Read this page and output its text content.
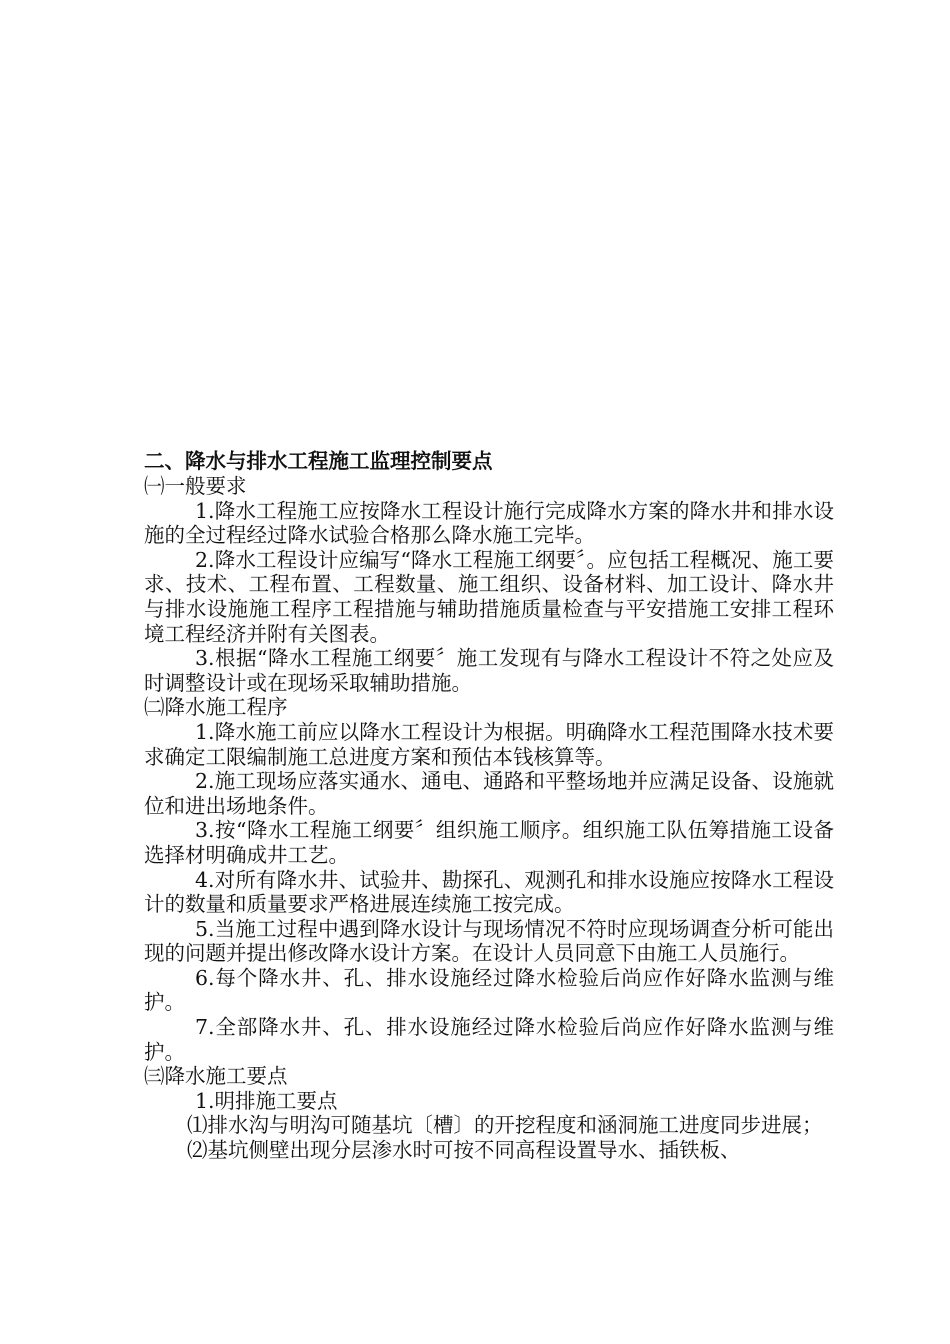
二、降水与排水工程施工监理控制要点

㈠一般要求

1.降水工程施工应按降水工程设计施行完成降水方案的降水井和排水设施的全过程经过降水试验合格那么降水施工完毕。

2.降水工程设计应编写“降水工程施工纲要〞。应包括工程概况、施工要求、技术、工程布置、工程数量、施工组织、设备材料、加工设计、降水井与排水设施施工程序工程措施与辅助措施质量检查与平安措施工安排工程环境工程经济并附有关图表。

3.根据“降水工程施工纲要〞施工发现有与降水工程设计不符之处应及时调整设计或在现场采取辅助措施。

㈡降水施工程序

1.降水施工前应以降水工程设计为根据。明确降水工程范围降水技术要求确定工限编制施工总进度方案和预估本钱核算等。

2.施工现场应落实通水、通电、通路和平整场地并应满足设备、设施就位和进出场地条件。

3.按“降水工程施工纲要〞组织施工顺序。组织施工队伍筹措施工设备选择材明确成井工艺。

4.对所有降水井、试验井、勘探孔、观测孔和排水设施应按降水工程设计的数量和质量要求严格进展连续施工按完成。

5.当施工过程中遇到降水设计与现场情况不符时应现场调查分析可能出现的问题并提出修改降水设计方案。在设计人员同意下由施工人员施行。

6.每个降水井、孔、排水设施经过降水检验后尚应作好降水监测与维护。

7.全部降水井、孔、排水设施经过降水检验后尚应作好降水监测与维护。

㈢降水施工要点

1.明排施工要点

⑴排水沟与明沟可随基坑〔槽〕的开挖程度和涵洞施工进度同步进展；

⑵基坑侧壁出现分层渗水时可按不同高程设置导水、插铁板、
